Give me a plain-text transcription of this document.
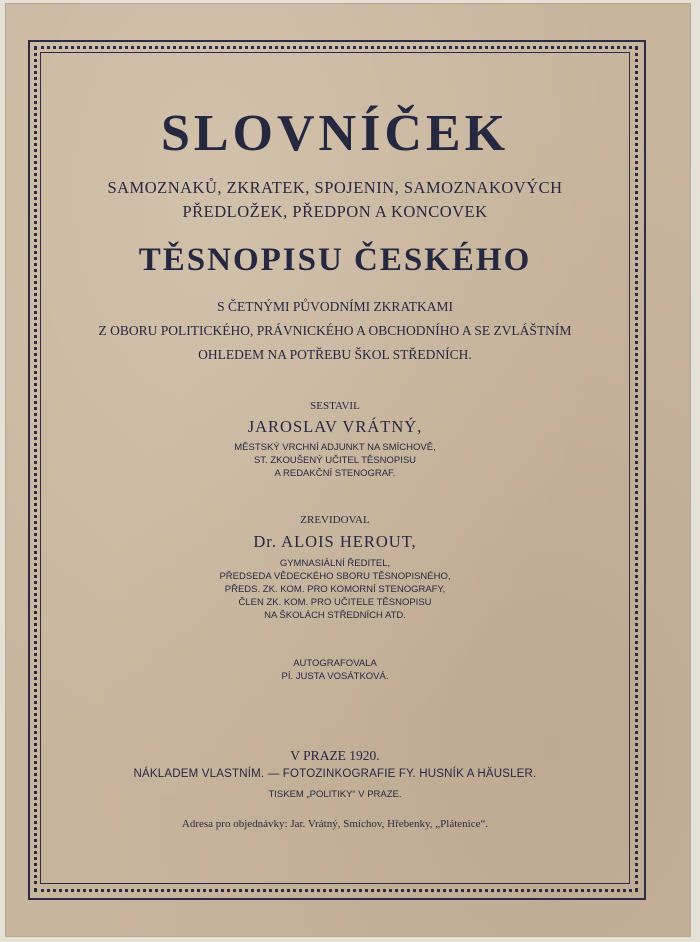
SLOVNÍČEK
SAMOZNAKŮ, ZKRATEK, SPOJENIN, SAMOZNAKOVÝCH
PŘEDLOŽEK, PŘEDPON A KONCOVEK
TĚSNOPISU ČESKÉHO
S ČETNÝMI PŮVODNÍMI ZKRATKAMI
Z OBORU POLITICKÉHO, PRÁVNICKÉHO A OBCHODNÍHO A SE ZVLÁŠTNÍM
OHLEDEM NA POTŘEBU ŠKOL STŘEDNÍCH.
SESTAVIL
JAROSLAV VRÁTNÝ,
MĚSTSKÝ VRCHNÍ ADJUNKT NA SMÍCHOVĚ,
ST. ZKOUŠENÝ UČITEL TĚSNOPISU
A REDAKČNÍ STENOGRAF.
ZREVIDOVAL
Dr. ALOIS HEROUT,
GYMNASIÁLNÍ ŘEDITEL,
PŘEDSEDA VĚDECKÉHO SBORU TĚSNOPISNÉHO,
PŘEDS. ZK. KOM. PRO KOMORNÍ STENOGRAFY,
ČLEN ZK. KOM. PRO UČITELE TĚSNOPISU
NA ŠKOLÁCH STŘEDNÍCH ATD.
AUTOGRAFOVALA
PÍ. JUSTA VOSÁTKOVÁ.
V PRAZE 1920.
NÁKLADEM VLASTNÍM. — FOTOZINKOGRAFIE FY. HUSNÍK A HÄUSLER.
TISKEM „POLITIKY“ V PRAZE.
Adresa pro objednávky: Jar. Vrátný, Smíchov, Hřebenky, „Plátenice“.
